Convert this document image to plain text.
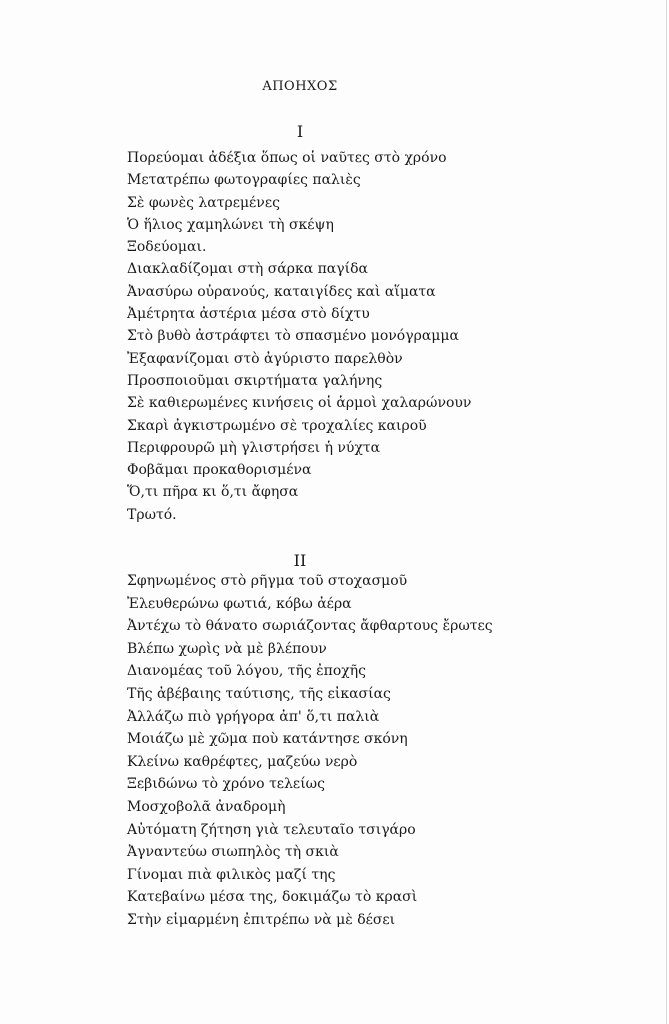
ΑΠΟΗΧΟΣ
I
Πορεύομαι ἀδέξια ὅπως οἱ ναῦτες στὸ χρόνο
Μετατρέπω φωτογραφίες παλιὲς
Σὲ φωνὲς λατρεμένες
Ὁ ἥλιος χαμηλώνει τὴ σκέψη
Ξοδεύομαι.
Διακλαδίζομαι στὴ σάρκα παγίδα
Ἀνασύρω οὐρανούς, καταιγίδες καὶ αἵματα
Ἀμέτρητα ἀστέρια μέσα στὸ δίχτυ
Στὸ βυθὸ ἀστράφτει τὸ σπασμένο μονόγραμμα
Ἐξαφανίζομαι στὸ ἀγύριστο παρελθὸν
Προσποιοῦμαι σκιρτήματα γαλήνης
Σὲ καθιερωμένες κινήσεις οἱ ἁρμοὶ χαλαρώνουν
Σκαρὶ ἀγκιστρωμένο σὲ τροχαλίες καιροῦ
Περιφρουρῶ μὴ γλιστρήσει ἡ νύχτα
Φοβᾶμαι προκαθορισμένα
Ὅ,τι πῆρα κι ὅ,τι ἄφησα
Τρωτό.
II
Σφηνωμένος στὸ ρῆγμα τοῦ στοχασμοῦ
Ἐλευθερώνω φωτιά, κόβω ἀέρα
Ἀντέχω τὸ θάνατο σωριάζοντας ἄφθαρτους ἔρωτες
Βλέπω χωρὶς νὰ μὲ βλέπουν
Διανομέας τοῦ λόγου, τῆς ἐποχῆς
Τῆς ἀβέβαιης ταύτισης, τῆς εἰκασίας
Ἀλλάζω πιὸ γρήγορα ἀπ' ὅ,τι παλιὰ
Μοιάζω μὲ χῶμα ποὺ κατάντησε σκόνη
Κλείνω καθρέφτες, μαζεύω νερὸ
Ξεβιδώνω τὸ χρόνο τελείως
Μοσχοβολᾶ ἀναδρομὴ
Αὐτόματη ζήτηση γιὰ τελευταῖο τσιγάρο
Ἀγναντεύω σιωπηλὸς τὴ σκιὰ
Γίνομαι πιὰ φιλικὸς μαζί της
Κατεβαίνω μέσα της, δοκιμάζω τὸ κρασὶ
Στὴν εἱμαρμένη ἐπιτρέπω νὰ μὲ δέσει
